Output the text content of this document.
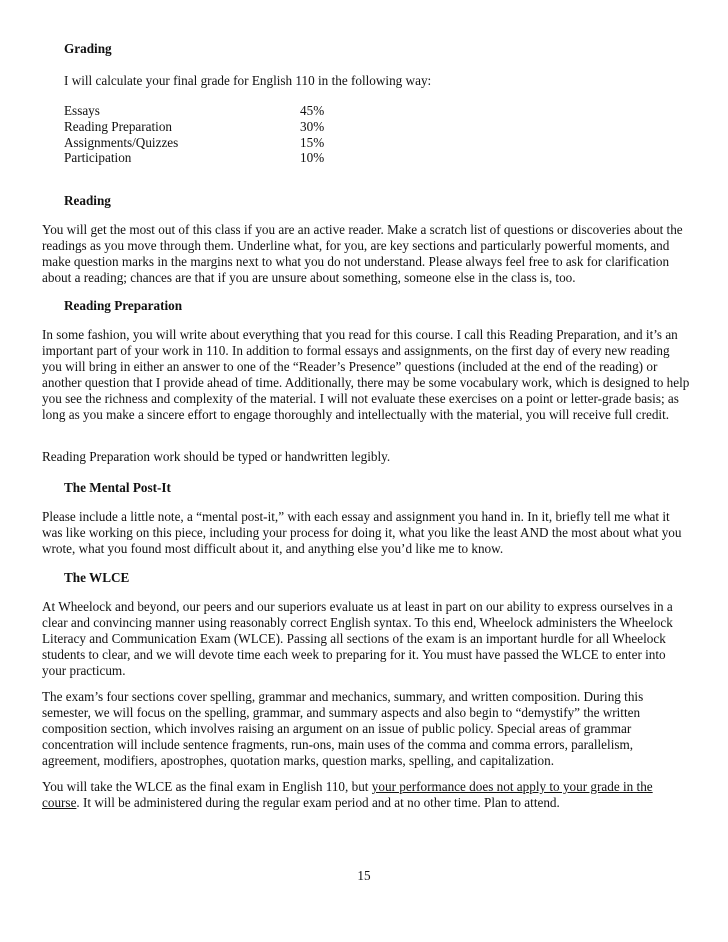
Grading
I will calculate your final grade for English 110 in the following way:
Essays	45%
Reading Preparation	30%
Assignments/Quizzes	15%
Participation	10%
Reading
You will get the most out of this class if you are an active reader. Make a scratch list of questions or discoveries about the readings as you move through them. Underline what, for you, are key sections and particularly powerful moments, and make question marks in the margins next to what you do not understand. Please always feel free to ask for clarification about a reading; chances are that if you are unsure about something, someone else in the class is, too.
Reading Preparation
In some fashion, you will write about everything that you read for this course. I call this Reading Preparation, and it’s an important part of your work in 110. In addition to formal essays and assignments, on the first day of every new reading you will bring in either an answer to one of the “Reader’s Presence” questions (included at the end of the reading) or another question that I provide ahead of time. Additionally, there may be some vocabulary work, which is designed to help you see the richness and complexity of the material. I will not evaluate these exercises on a point or letter-grade basis; as long as you make a sincere effort to engage thoroughly and intellectually with the material, you will receive full credit.
Reading Preparation work should be typed or handwritten legibly.
The Mental Post-It
Please include a little note, a “mental post-it,” with each essay and assignment you hand in. In it, briefly tell me what it was like working on this piece, including your process for doing it, what you like the least AND the most about what you wrote, what you found most difficult about it, and anything else you’d like me to know.
The WLCE
At Wheelock and beyond, our peers and our superiors evaluate us at least in part on our ability to express ourselves in a clear and convincing manner using reasonably correct English syntax. To this end, Wheelock administers the Wheelock Literacy and Communication Exam (WLCE). Passing all sections of the exam is an important hurdle for all Wheelock students to clear, and we will devote time each week to preparing for it. You must have passed the WLCE to enter into your practicum.
The exam’s four sections cover spelling, grammar and mechanics, summary, and written composition. During this semester, we will focus on the spelling, grammar, and summary aspects and also begin to “demystify” the written composition section, which involves raising an argument on an issue of public policy. Special areas of grammar concentration will include sentence fragments, run-ons, main uses of the comma and comma errors, parallelism, agreement, modifiers, apostrophes, quotation marks, question marks, spelling, and capitalization.
You will take the WLCE as the final exam in English 110, but your performance does not apply to your grade in the course. It will be administered during the regular exam period and at no other time. Plan to attend.
15
